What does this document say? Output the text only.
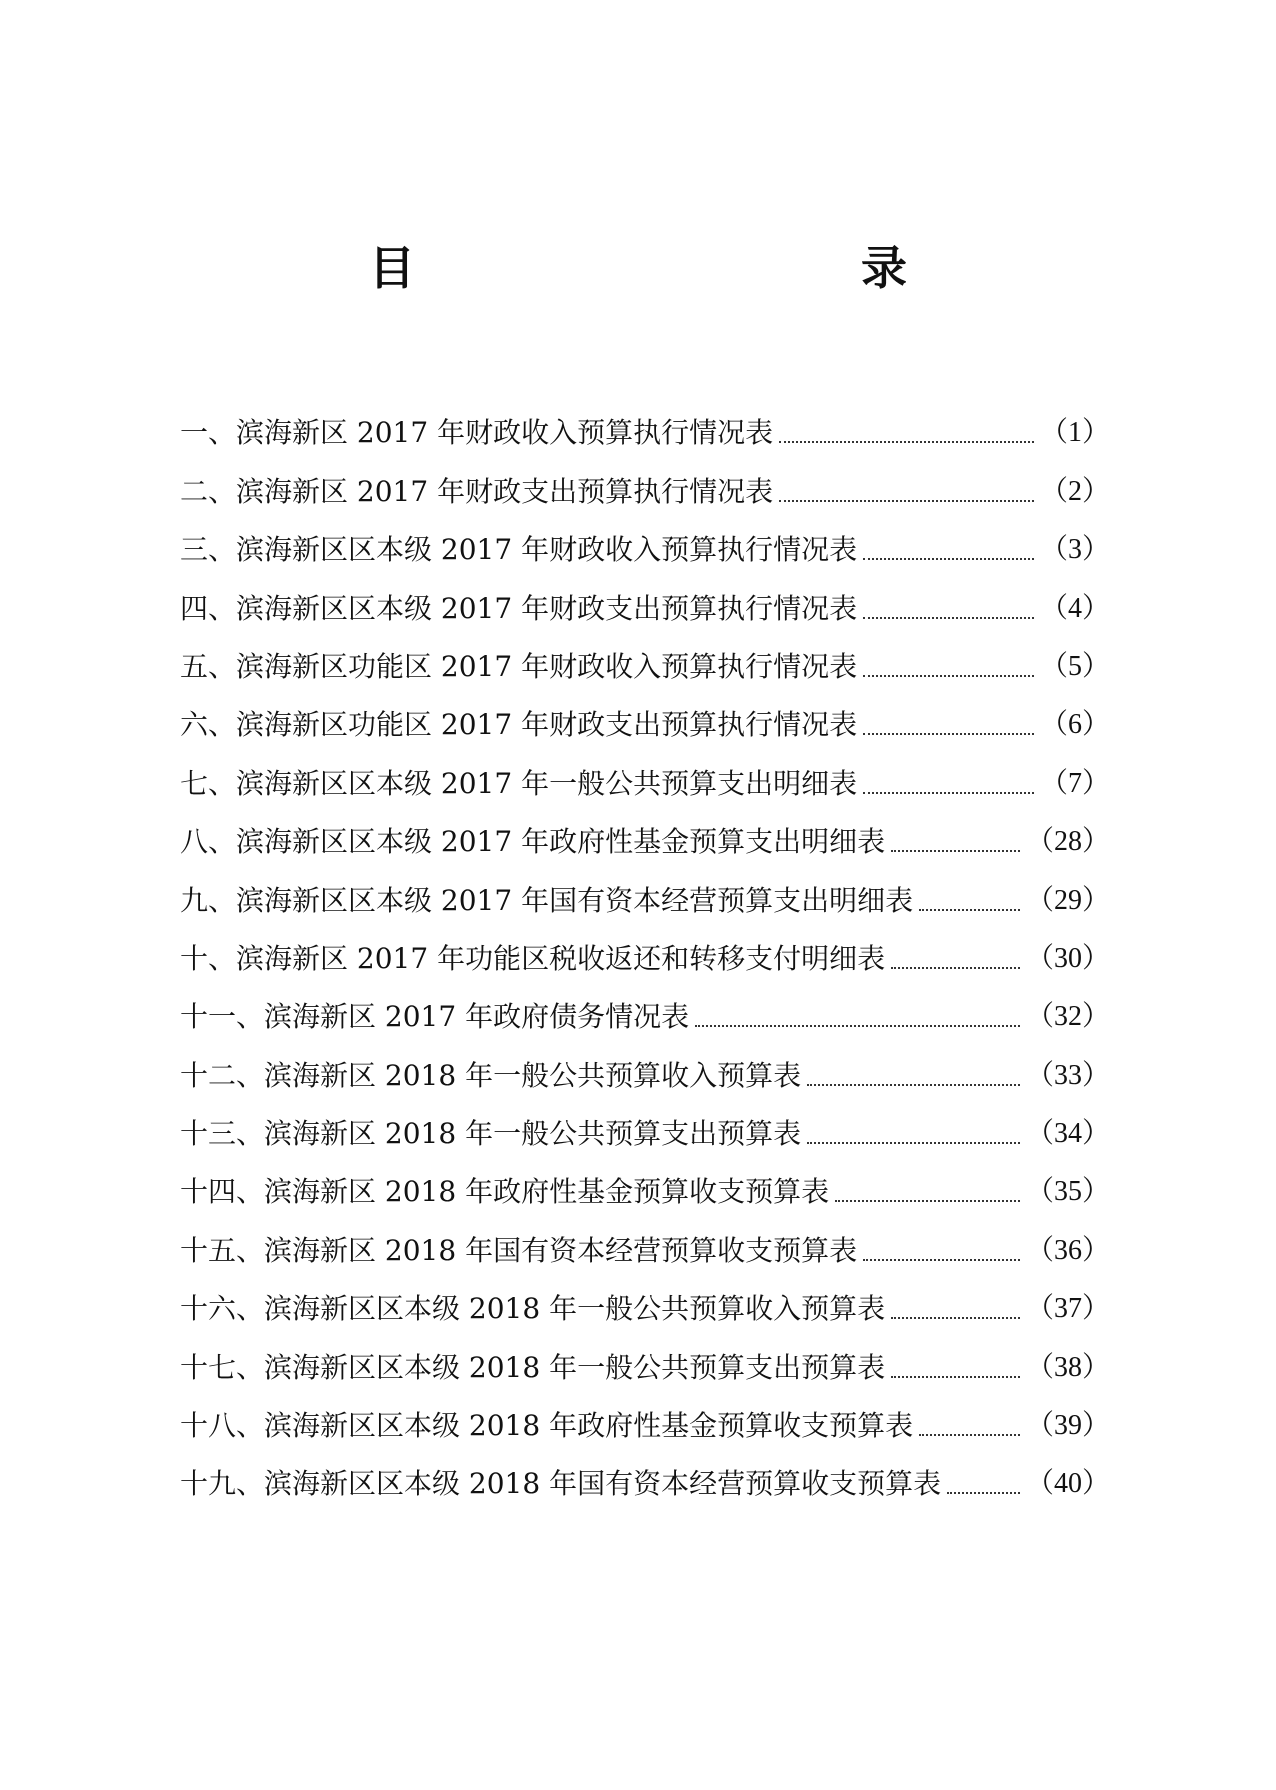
目　　录
一、 滨海新区 2017 年财政收入预算执行情况表	（1）
二、 滨海新区 2017 年财政支出预算执行情况表	（2）
三、 滨海新区区本级 2017 年财政收入预算执行情况表	（3）
四、 滨海新区区本级 2017 年财政支出预算执行情况表	（4）
五、 滨海新区功能区 2017 年财政收入预算执行情况表	（5）
六、 滨海新区功能区 2017 年财政支出预算执行情况表	（6）
七、 滨海新区区本级 2017 年一般公共预算支出明细表	（7）
八、 滨海新区区本级 2017 年政府性基金预算支出明细表	（28）
九、 滨海新区区本级 2017 年国有资本经营预算支出明细表	（29）
十、 滨海新区 2017 年功能区税收返还和转移支付明细表	（30）
十一、 滨海新区 2017 年政府债务情况表	（32）
十二、 滨海新区 2018 年一般公共预算收入预算表	（33）
十三、 滨海新区 2018 年一般公共预算支出预算表	（34）
十四、 滨海新区 2018 年政府性基金预算收支预算表	（35）
十五、 滨海新区 2018 年国有资本经营预算收支预算表	（36）
十六、 滨海新区区本级 2018 年一般公共预算收入预算表	（37）
十七、 滨海新区区本级 2018 年一般公共预算支出预算表	（38）
十八、 滨海新区区本级 2018 年政府性基金预算收支预算表	（39）
十九、 滨海新区区本级 2018 年国有资本经营预算收支预算表	（40）
